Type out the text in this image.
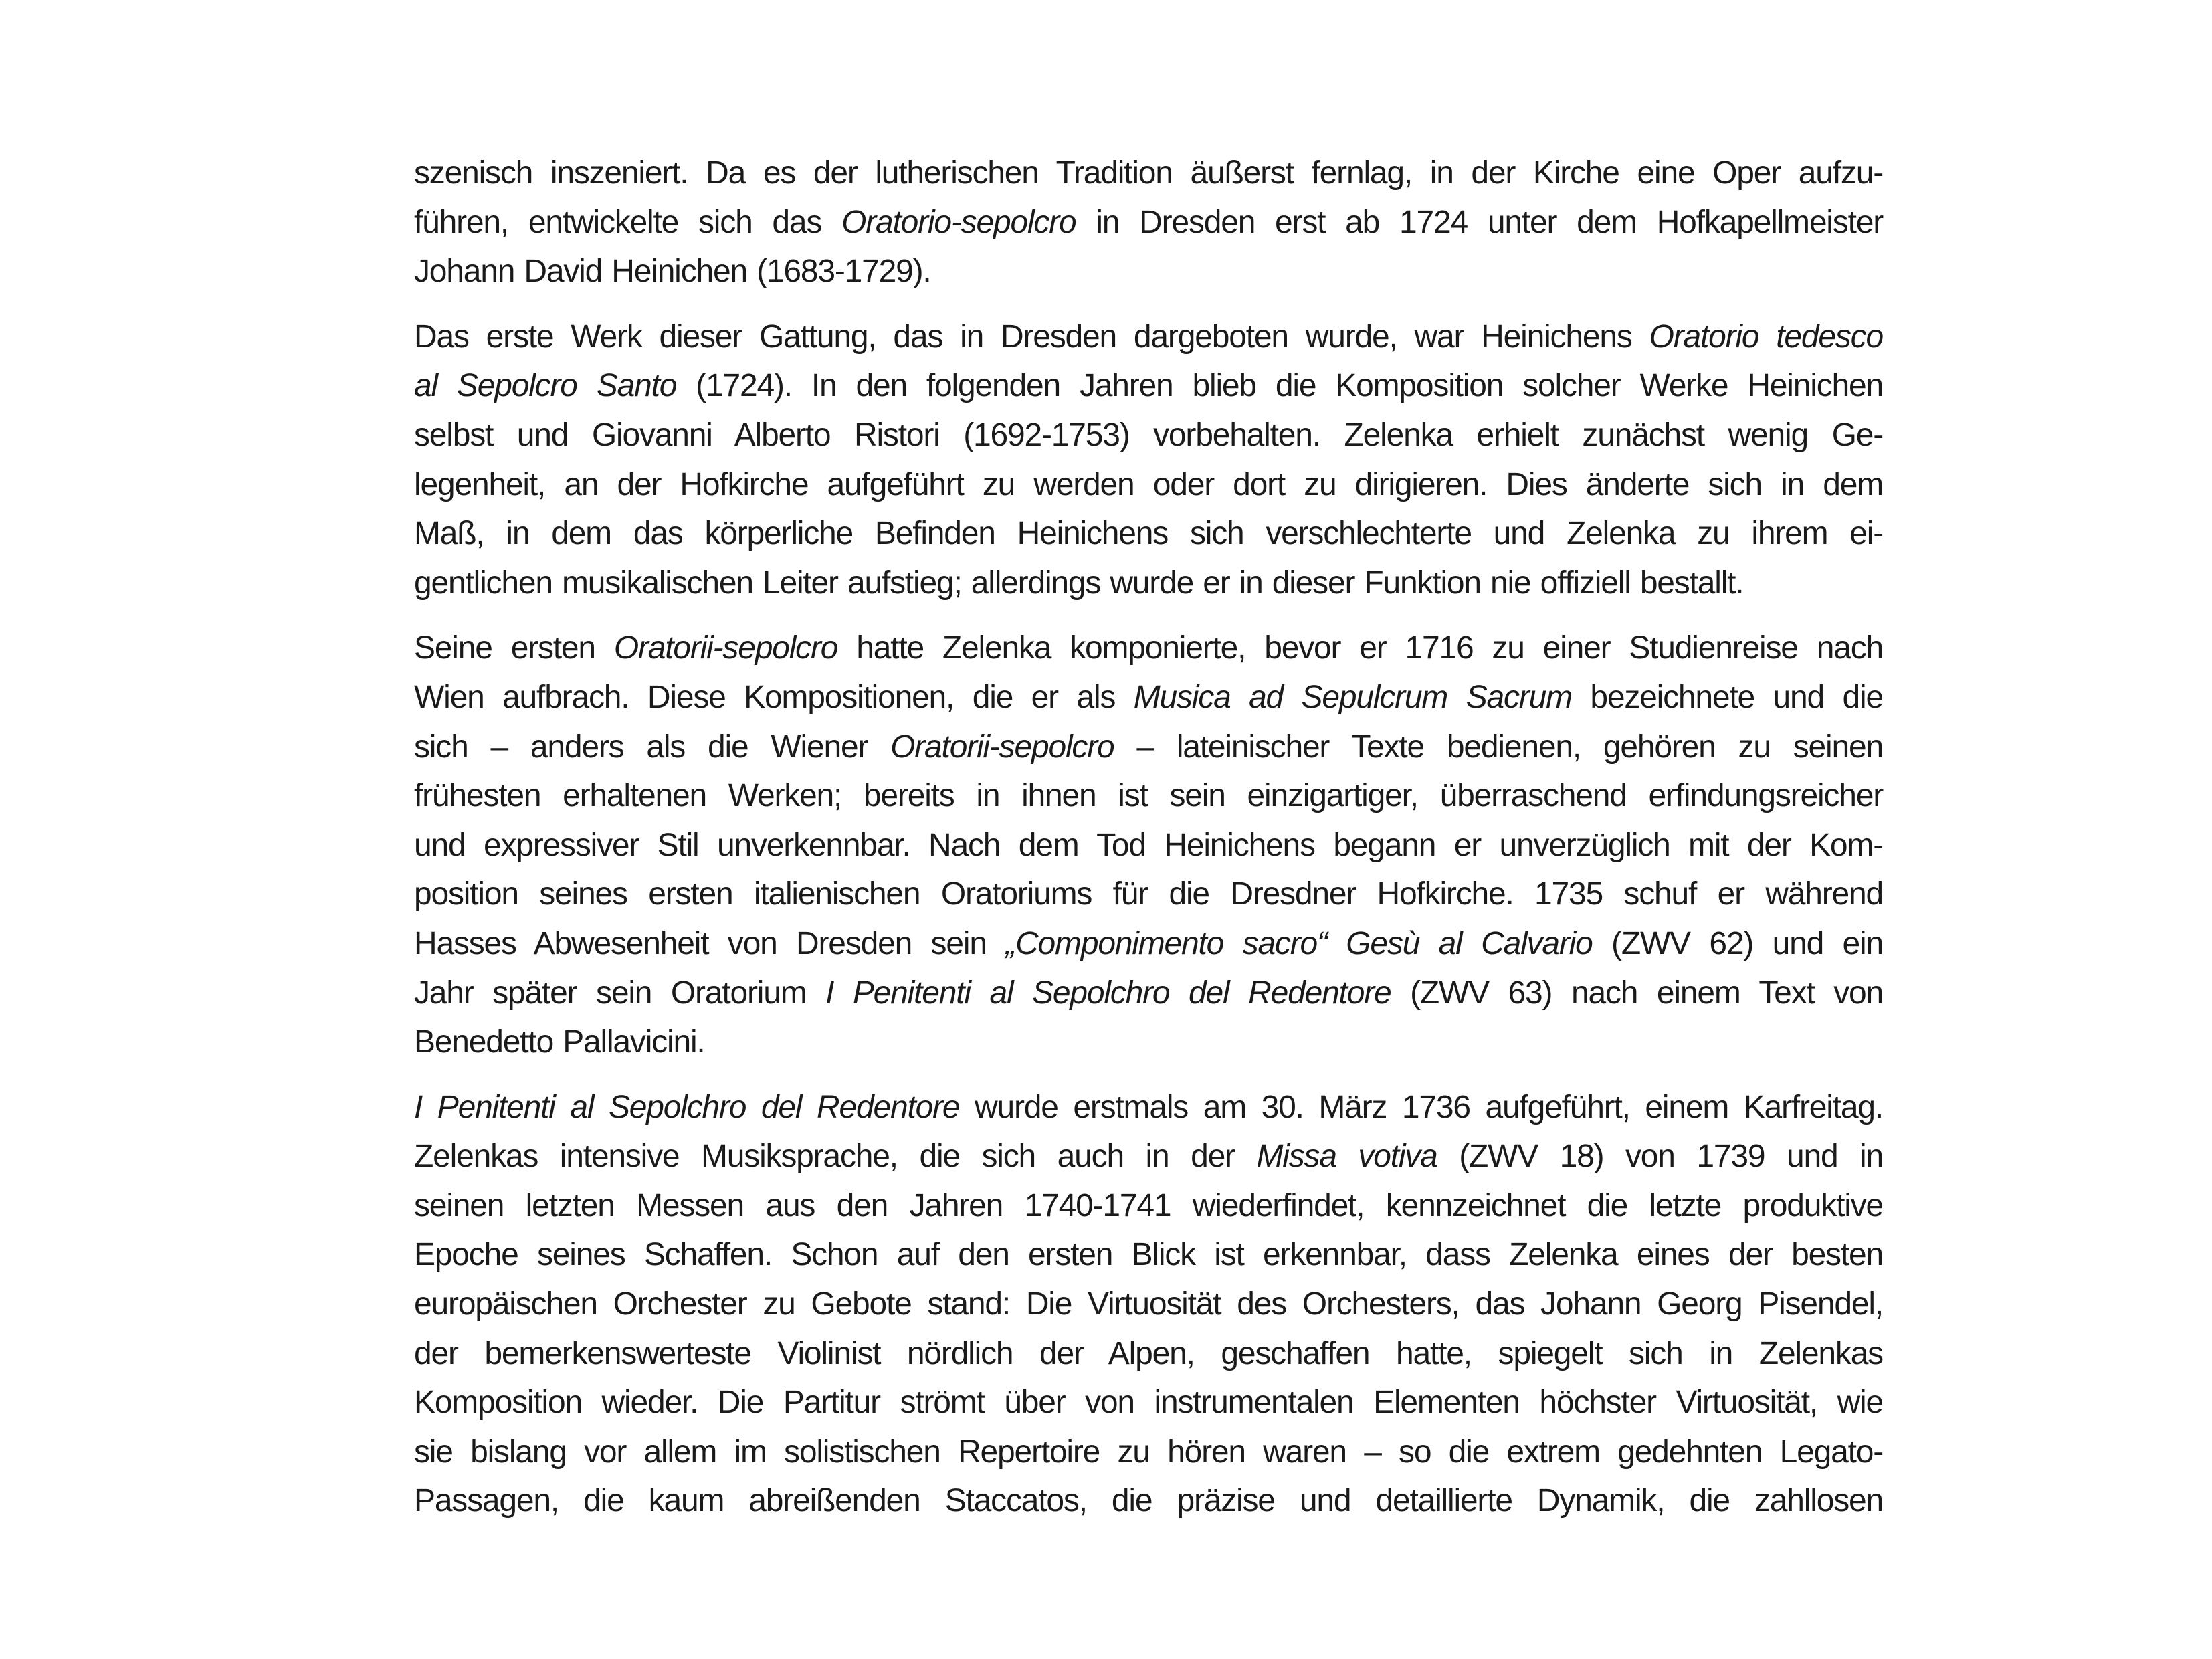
szenisch inszeniert. Da es der lutherischen Tradition äußerst fernlag, in der Kirche eine Oper aufzu-
führen, entwickelte sich das Oratorio-sepolcro in Dresden erst ab 1724 unter dem Hofkapellmeister
Johann David Heinichen (1683-1729).

Das erste Werk dieser Gattung, das in Dresden dargeboten wurde, war Heinichens Oratorio tedesco
al Sepolcro Santo (1724). In den folgenden Jahren blieb die Komposition solcher Werke Heinichen
selbst und Giovanni Alberto Ristori (1692-1753) vorbehalten. Zelenka erhielt zunächst wenig Ge-
legenheit, an der Hofkirche aufgeführt zu werden oder dort zu dirigieren. Dies änderte sich in dem
Maß, in dem das körperliche Befinden Heinichens sich verschlechterte und Zelenka zu ihrem ei-
gentlichen musikalischen Leiter aufstieg; allerdings wurde er in dieser Funktion nie offiziell bestallt.

Seine ersten Oratorii-sepolcro hatte Zelenka komponierte, bevor er 1716 zu einer Studienreise nach
Wien aufbrach. Diese Kompositionen, die er als Musica ad Sepulcrum Sacrum bezeichnete und die
sich – anders als die Wiener Oratorii-sepolcro – lateinischer Texte bedienen, gehören zu seinen
frühesten erhaltenen Werken; bereits in ihnen ist sein einzigartiger, überraschend erfindungsreicher
und expressiver Stil unverkennbar. Nach dem Tod Heinichens begann er unverzüglich mit der Kom-
position seines ersten italienischen Oratoriums für die Dresdner Hofkirche. 1735 schuf er während
Hasses Abwesenheit von Dresden sein „Componimento sacro“ Gesù al Calvario (ZWV 62) und ein
Jahr später sein Oratorium I Penitenti al Sepolchro del Redentore (ZWV 63) nach einem Text von
Benedetto Pallavicini.

I Penitenti al Sepolchro del Redentore wurde erstmals am 30. März 1736 aufgeführt, einem Karfreitag.
Zelenkas intensive Musiksprache, die sich auch in der Missa votiva (ZWV 18) von 1739 und in
seinen letzten Messen aus den Jahren 1740-1741 wiederfindet, kennzeichnet die letzte produktive
Epoche seines Schaffen. Schon auf den ersten Blick ist erkennbar, dass Zelenka eines der besten
europäischen Orchester zu Gebote stand: Die Virtuosität des Orchesters, das Johann Georg Pisendel,
der bemerkenswerteste Violinist nördlich der Alpen, geschaffen hatte, spiegelt sich in Zelenkas
Komposition wieder. Die Partitur strömt über von instrumentalen Elementen höchster Virtuosität, wie
sie bislang vor allem im solistischen Repertoire zu hören waren – so die extrem gedehnten Legato-
Passagen, die kaum abreißenden Staccatos, die präzise und detaillierte Dynamik, die zahllosen
